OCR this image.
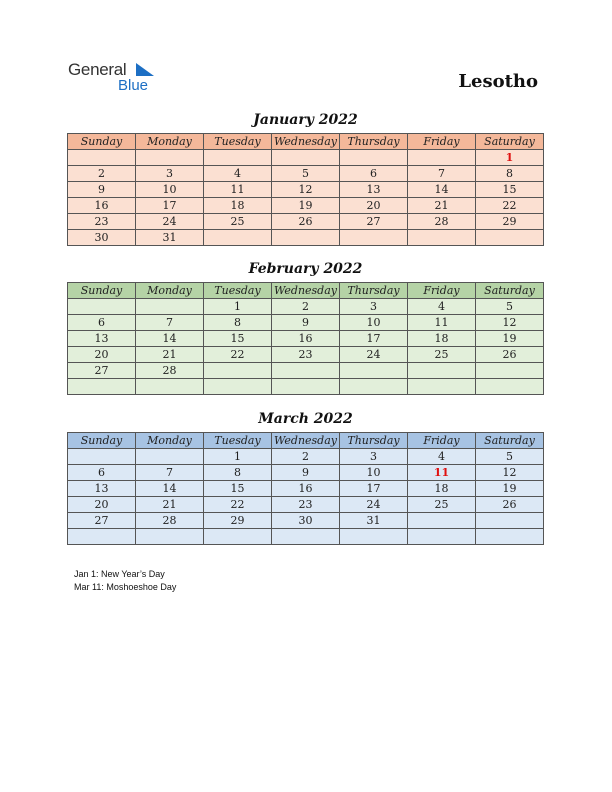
General
Blue	Lesotho
January 2022
Sunday	Monday	Tuesday	Wednesday	Thursday	Friday	Saturday
						1
2	3	4	5	6	7	8
9	10	11	12	13	14	15
16	17	18	19	20	21	22
23	24	25	26	27	28	29
30	31					
February 2022
Sunday	Monday	Tuesday	Wednesday	Thursday	Friday	Saturday
		1	2	3	4	5
6	7	8	9	10	11	12
13	14	15	16	17	18	19
20	21	22	23	24	25	26
27	28					

March 2022
Sunday	Monday	Tuesday	Wednesday	Thursday	Friday	Saturday
		1	2	3	4	5
6	7	8	9	10	11	12
13	14	15	16	17	18	19
20	21	22	23	24	25	26
27	28	29	30	31		

Jan 1: New Year’s Day
Mar 11: Moshoeshoe Day
